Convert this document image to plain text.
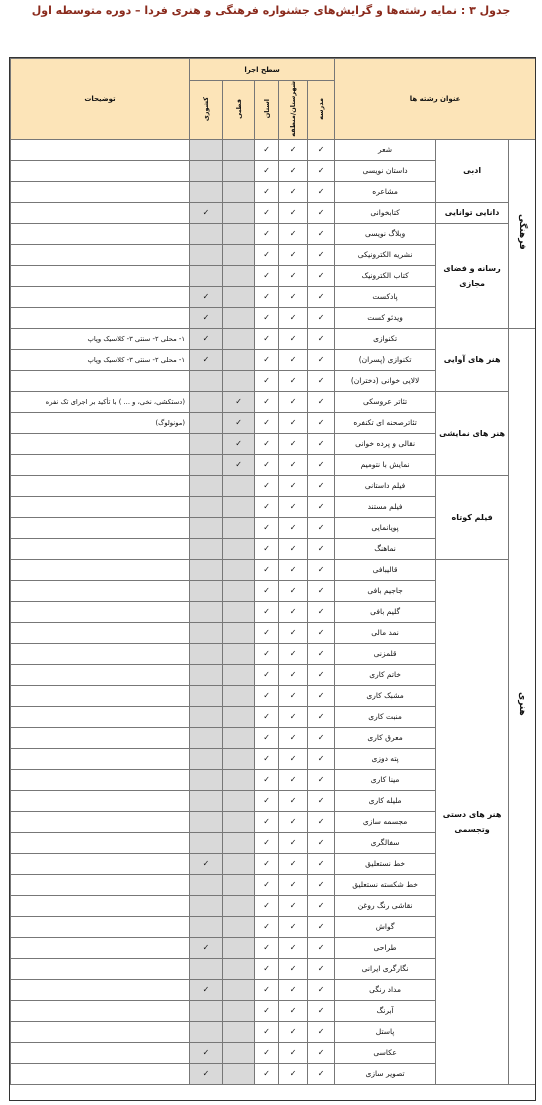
جدول ۳ : نمایه رشته‌ها و گرایش‌های جشنواره فرهنگی و هنری فردا – دوره متوسطه اول
عنوان رشته ها			سطح اجرا					توضیحات
			مدرسه	شهرستان/منطقه	استان	قطبی	کشوری	
فرهنگی	ادبی	شعر	✓	✓	✓			
		داستان نویسی	✓	✓	✓			
		مشاعره	✓	✓	✓			
	دانایی توانایی	کتابخوانی	✓	✓	✓		✓	
	رسانه و فضای مجازی	وبلاگ نویسی	✓	✓	✓			
		نشریه الکترونیکی	✓	✓	✓			
		کتاب الکترونیک	✓	✓	✓			
		پادکست	✓	✓	✓		✓	
		ویدئو کست	✓	✓	✓		✓	
هنری	هنر های آوایی	تکنوازی	✓	✓	✓		✓	۱- محلی ۲- سنتی ۳- کلاسیک وپاپ
		تکنوازی (پسران)	✓	✓	✓		✓	۱- محلی ۲- سنتی ۳- کلاسیک وپاپ
		لالایی خوانی (دختران)	✓	✓	✓			
	هنر های نمایشی	تئاتر عروسکی	✓	✓	✓	✓		(دستکشی، نخی، و ... ) با تأکید بر اجرای تک نفره
		تئاترصحنه ای تکنفره	✓	✓	✓	✓		(مونولوگ)
		نقالی و پرده خوانی	✓	✓	✓	✓		
		نمایش با نتومیم	✓	✓	✓	✓		
	فیلم کوتاه	فیلم داستانی	✓	✓	✓			
		فیلم مستند	✓	✓	✓			
		پویانمایی	✓	✓	✓			
		نماهنگ	✓	✓	✓			
	هنر های دستی وتجسمی	قالیبافی	✓	✓	✓			
		جاجیم بافی	✓	✓	✓			
		گلیم بافی	✓	✓	✓			
		نمد مالی	✓	✓	✓			
		قلمزنی	✓	✓	✓			
		خاتم کاری	✓	✓	✓			
		مشبک کاری	✓	✓	✓			
		منبت کاری	✓	✓	✓			
		معرق کاری	✓	✓	✓			
		پته دوزی	✓	✓	✓			
		مینا کاری	✓	✓	✓			
		ملیله کاری	✓	✓	✓			
		مجسمه سازی	✓	✓	✓			
		سفالگری	✓	✓	✓			
		خط نستعلیق	✓	✓	✓		✓	
		خط شکسته نستعلیق	✓	✓	✓			
		نقاشی رنگ روغن	✓	✓	✓			
		گواش	✓	✓	✓			
		طراحی	✓	✓	✓		✓	
		نگارگری ایرانی	✓	✓	✓			
		مداد رنگی	✓	✓	✓		✓	
		آبرنگ	✓	✓	✓			
		پاستل	✓	✓	✓			
		عکاسی	✓	✓	✓		✓	
		تصویر سازی	✓	✓	✓		✓	
